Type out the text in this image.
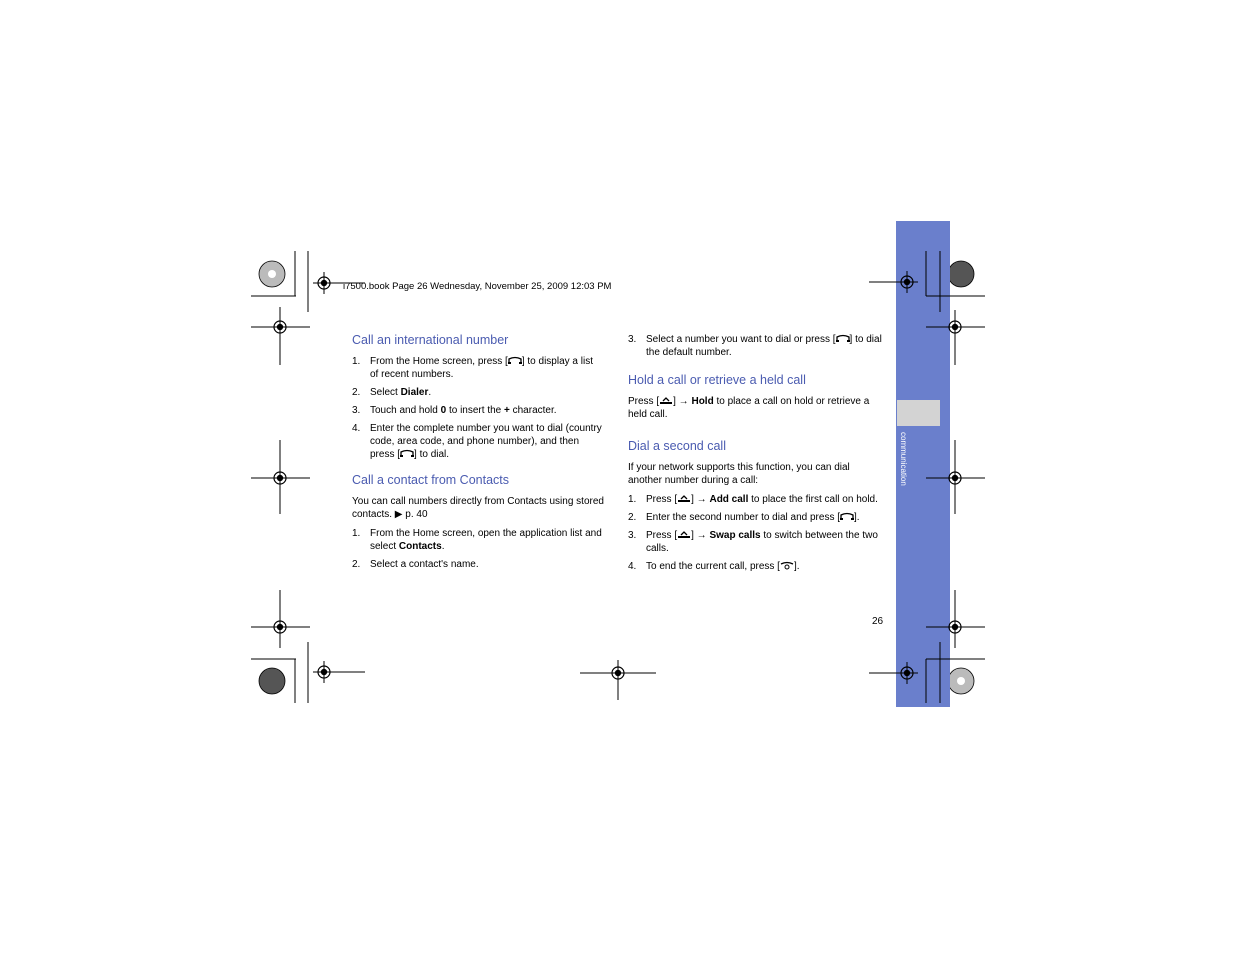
communication
i7500.book Page 26 Wednesday, November 25, 2009 12:03 PM
Call an international number
1. From the Home screen, press [ ] to display a list of recent numbers.
2. Select Dialer.
3. Touch and hold 0 to insert the + character.
4. Enter the complete number you want to dial (country code, area code, and phone number), and then press [ ] to dial.
Call a contact from Contacts

You can call numbers directly from Contacts using stored contacts. ▶ p. 40

1. From the Home screen, open the application list and select Contacts.
2. Select a contact's name.
3. Select a number you want to dial or press [ ] to dial the default number.
Hold a call or retrieve a held call

Press [ ] → Hold to place a call on hold or retrieve a held call.

Dial a second call

If your network supports this function, you can dial another number during a call:

1. Press [ ] → Add call to place the first call on hold.
2. Enter the second number to dial and press [ ].
3. Press [ ] → Swap calls to switch between the two calls.
4. To end the current call, press [ ].
26
